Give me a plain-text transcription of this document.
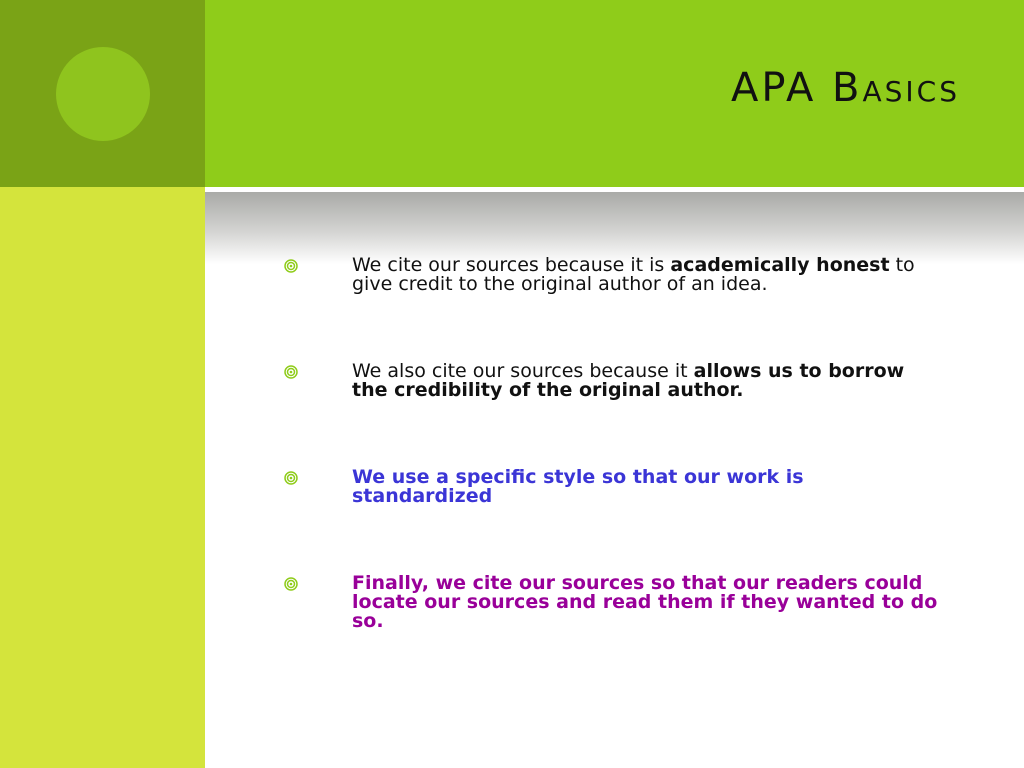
APA Basics
We cite our sources because it is academically honest to give credit to the original author of an idea.
We also cite our sources because it allows us to borrow the credibility of the original author.
We use a specific style so that our work is standardized
Finally, we cite our sources so that our readers could locate our sources and read them if they wanted to do so.
